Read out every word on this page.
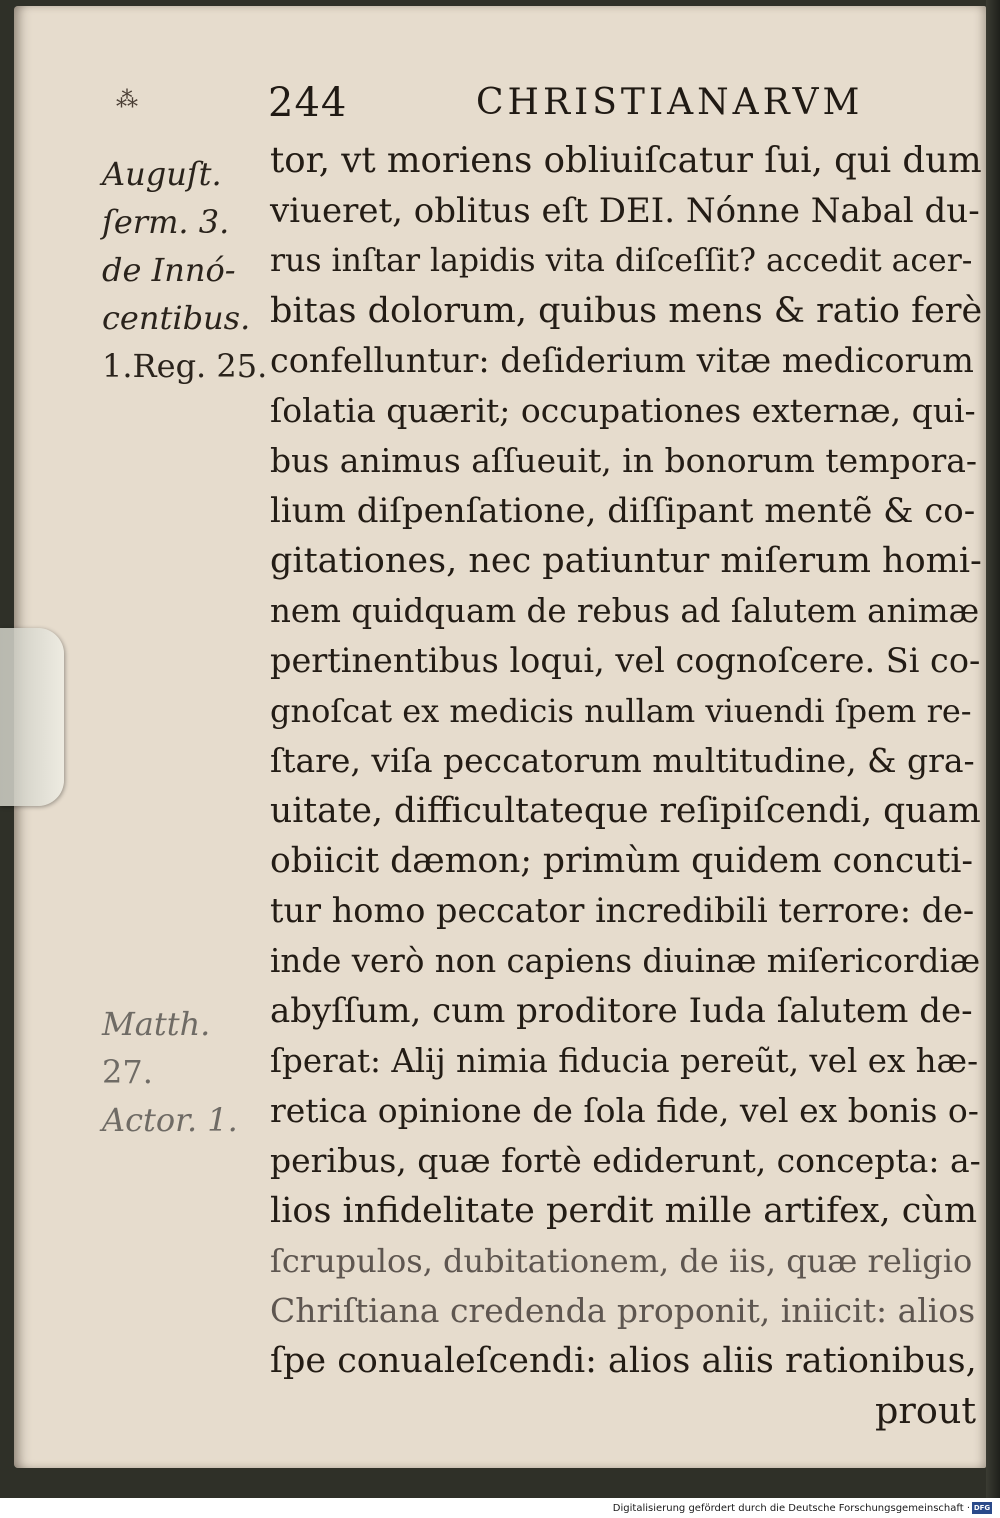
⁂	244	CHRISTIANARVM
tor, vt moriens obliuiſcatur ſui, qui dum
viueret, oblitus eſt DEI. Nónne Nabal du-
rus inſtar lapidis vita diſceſſit? accedit acer-
bitas dolorum, quibus mens & ratio ferè
confelluntur: deſiderium vitæ medicorum
ſolatia quærit; occupationes externæ, qui-
bus animus aſſueuit, in bonorum tempora-
lium diſpenſatione, diſſipant mentẽ & co-
gitationes, nec patiuntur miſerum homi-
nem quidquam de rebus ad ſalutem animæ
pertinentibus loqui, vel cognoſcere. Si co-
gnoſcat ex medicis nullam viuendi ſpem re-
ſtare, viſa peccatorum multitudine, & gra-
uitate, difficultateque reſipiſcendi, quam
obiicit dæmon; primùm quidem concuti-
tur homo peccator incredibili terrore: de-
inde verò non capiens diuinæ miſericordiæ
abyſſum, cum proditore Iuda ſalutem de-
ſperat: Alij nimia fiducia pereũt, vel ex hæ-
retica opinione de ſola fide, vel ex bonis o-
peribus, quæ fortè ediderunt, concepta: a-
lios infidelitate perdit mille artifex, cùm
ſcrupulos, dubitationem, de iis, quæ religio
Chriſtiana credenda proponit, iniicit: alios
ſpe conualeſcendi: alios aliis rationibus,
prout
Auguſt.
ſerm. 3.
de Innó-
centibus.
1.Reg. 25.
Matth.
27.
Actor. 1.
Digitalisierung gefördert durch die Deutsche Forschungsgemeinschaft · DFG
